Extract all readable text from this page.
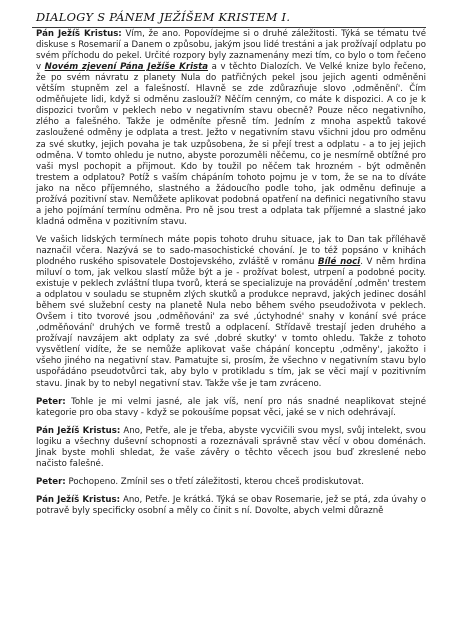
DIALOGY S PÁNEM JEŽÍŠEM KRISTEM I.

Pán Ježíš Kristus: Vím, že ano. Popovídejme si o druhé záležitosti. Týká se tématu tvé diskuse s Rosemarií a Danem o způsobu, jakým jsou lidé trestáni a jak prožívají odplatu po svém příchodu do pekel. Určité rozpory byly zaznamenány mezi tím, co bylo o tom řečeno v Novém zjevení Pána Ježíše Krista a v těchto Dialozích. Ve Velké knize bylo řečeno, že po svém návratu z planety Nula do patřičných pekel jsou jejich agenti odměněni větším stupněm zel a falešností. Hlavně se zde zdůrazňuje slovo ‚odměnění'. Čím odměňujete lidi, když si odměnu zaslouží? Něčím cenným, co máte k dispozici. A co je k dispozici tvorům v peklech nebo v negativním stavu obecně? Pouze něco negativního, zlého a falešného. Takže je odměníte přesně tím. Jedním z mnoha aspektů takové zasloužené odměny je odplata a trest. Ježto v negativním stavu všichni jdou pro odměnu za své skutky, jejich povaha je tak uzpůsobena, že si přejí trest a odplatu - a to jej jejich odměna. V tomto ohledu je nutno, abyste porozuměli něčemu, co je nesmírně obtížné pro vaši mysl pochopit a přijmout. Kdo by toužil po něčem tak hrozném - být odměněn trestem a odplatou? Potíž s vaším chápáním tohoto pojmu je v tom, že se na to díváte jako na něco příjemného, slastného a žádoucího podle toho, jak odměnu definuje a prožívá pozitivní stav. Nemůžete aplikovat podobná opatření na definici negativního stavu a jeho pojímání termínu odměna. Pro ně jsou trest a odplata tak příjemné a slastné jako kladná odměna v pozitivním stavu.

Ve vašich lidských termínech máte popis tohoto druhu situace, jak to Dan tak příléhavě naznačil včera. Nazývá se to sado-masochistické chování. Je to též popsáno v knihách plodného ruského spisovatele Dostojevského, zvláště v románu Bílé noci. V něm hrdina miluví o tom, jak velkou slastí může být a je - prožívat bolest, utrpení a podobné pocity. existuje v peklech zvláštní tlupa tvorů, která se specializuje na provádění ‚odměn' trestem a odplatou v souladu se stupněm zlých skutků a produkce nepravd, jakých jedinec dosáhl během své služební cesty na planetě Nula nebo během svého pseudoživota v peklech. Ovšem i tito tvorové jsou ‚odměňováni' za své ‚úctyhodné' snahy v konání své práce ‚odměňování' druhých ve formě trestů a odplacení. Střídavě trestají jeden druhého a prožívají navzájem akt odplaty za své ‚dobré skutky' v tomto ohledu. Takže z tohoto vysvětlení vidíte, že se nemůže aplikovat vaše chápání konceptu ‚odměny', jakožto i všeho jiného na negativní stav. Pamatujte si, prosím, že všechno v negativním stavu bylo uspořádáno pseudotvůrci tak, aby bylo v protikladu s tím, jak se věci mají v pozitivním stavu. Jinak by to nebyl negativní stav. Takže vše je tam zvráceno.

Peter: Tohle je mi velmi jasné, ale jak víš, není pro nás snadné neaplikovat stejné kategorie pro oba stavy - když se pokoušíme popsat věci, jaké se v nich odehrávají.

Pán Ježíš Kristus: Ano, Petře, ale je třeba, abyste vycvičili svou mysl, svůj intelekt, svou logiku a všechny duševní schopnosti a rozeznávali správně stav věcí v obou doménách. Jinak byste mohli shledat, že vaše závěry o těchto věcech jsou buď zkreslené nebo načisto falešné.

Peter: Pochopeno. Zmínil ses o třetí záležitosti, kterou chceš prodiskutovat.

Pán Ježíš Kristus: Ano, Petře. Je krátká. Týká se obav Rosemarie, jež se ptá, zda úvahy o potravě byly specificky osobní a měly co činit s ní. Dovolte, abych velmi důrazně
